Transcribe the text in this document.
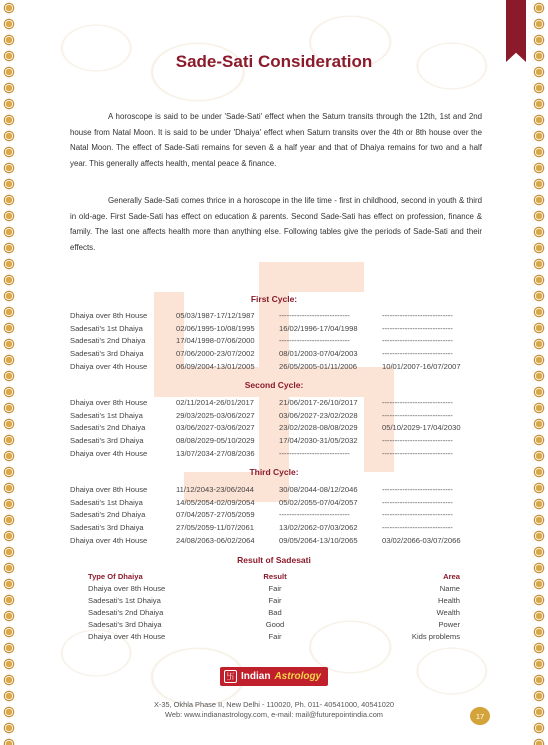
Sade-Sati Consideration

A horoscope is said to be under 'Sade-Sati' effect when the Saturn transits through the 12th, 1st and 2nd house from Natal Moon. It is said to be under 'Dhaiya' effect when Saturn transits over the 4th or 8th house over the Natal Moon. The effect of Sade-Sati remains for seven & a half year and that of Dhaiya remains for two and a half year. This generally affects health, mental peace & finance.

Generally Sade-Sati comes thrice in a horoscope in the life time - first in childhood, second in youth & third in old-age. First Sade-Sati has effect on education & parents. Second Sade-Sati has effect on profession, finance & family. The last one affects health more than anything else. Following tables give the periods of Sade-Sati and their effects.

First Cycle:
Dhaiya over 8th House	05/03/1987-17/12/1987	----------------------------	----------------------------
Sadesati's 1st Dhaiya	02/06/1995-10/08/1995	16/02/1996-17/04/1998	----------------------------
Sadesati's 2nd Dhaiya	17/04/1998-07/06/2000	----------------------------	----------------------------
Sadesati's 3rd Dhaiya	07/06/2000-23/07/2002	08/01/2003-07/04/2003	----------------------------
Dhaiya over 4th House	06/09/2004-13/01/2005	26/05/2005-01/11/2006	10/01/2007-16/07/2007
Second Cycle:
Dhaiya over 8th House	02/11/2014-26/01/2017	21/06/2017-26/10/2017	----------------------------
Sadesati's 1st Dhaiya	29/03/2025-03/06/2027	03/06/2027-23/02/2028	----------------------------
Sadesati's 2nd Dhaiya	03/06/2027-03/06/2027	23/02/2028-08/08/2029	05/10/2029-17/04/2030
Sadesati's 3rd Dhaiya	08/08/2029-05/10/2029	17/04/2030-31/05/2032	----------------------------
Dhaiya over 4th House	13/07/2034-27/08/2036	----------------------------	----------------------------
Third Cycle:
Dhaiya over 8th House	11/12/2043-23/06/2044	30/08/2044-08/12/2046	----------------------------
Sadesati's 1st Dhaiya	14/05/2054-02/09/2054	05/02/2055-07/04/2057	----------------------------
Sadesati's 2nd Dhaiya	07/04/2057-27/05/2059	----------------------------	----------------------------
Sadesati's 3rd Dhaiya	27/05/2059-11/07/2061	13/02/2062-07/03/2062	----------------------------
Dhaiya over 4th House	24/08/2063-06/02/2064	09/05/2064-13/10/2065	03/02/2066-03/07/2066
Result of Sadesati
Type Of Dhaiya	Result	Area
Dhaiya over 8th House	Fair	Name
Sadesati's 1st Dhaiya	Fair	Health
Sadesati's 2nd Dhaiya	Bad	Wealth
Sadesati's 3rd Dhaiya	Good	Power
Dhaiya over 4th House	Fair	Kids problems
卐 Indian Astrology
X-35, Okhla Phase II, New Delhi - 110020, Ph. 011- 40541000, 40541020
Web: www.indianastrology.com, e-mail: mail@futurepointindia.com	17
